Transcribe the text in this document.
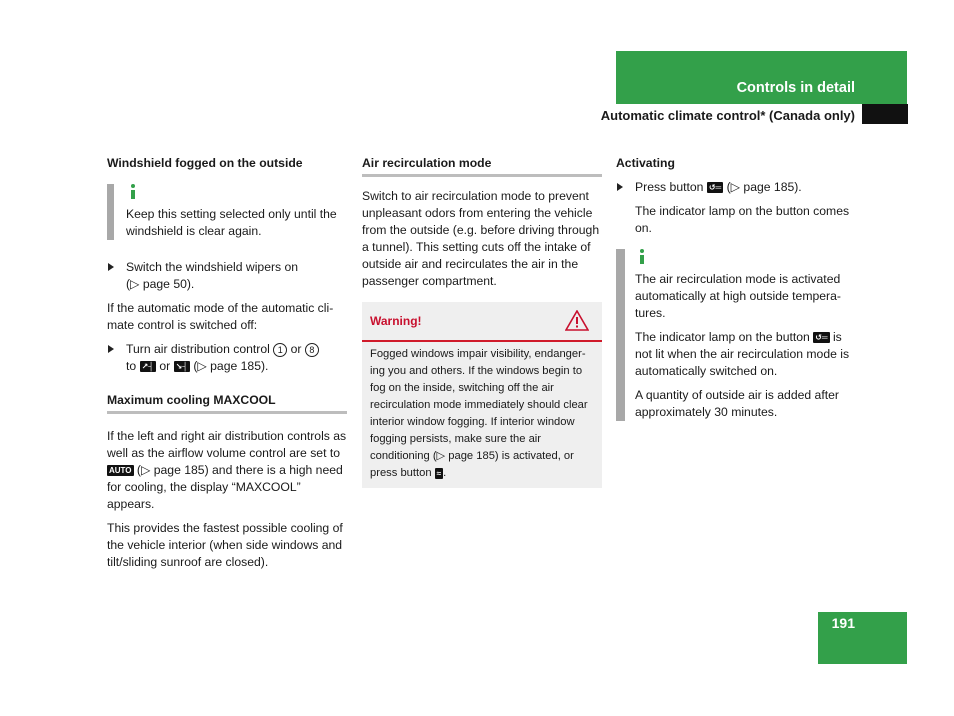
Controls in detail
Automatic climate control* (Canada only)
Windshield fogged on the outside

Keep this setting selected only until the windshield is clear again.

Switch the windshield wipers on
(▷ page 50).

If the automatic mode of the automatic cli-mate control is switched off:

Turn air distribution control 1 or 8
to ↗┤ or ↘┤ (▷ page 185).
Maximum cooling MAXCOOL

If the left and right air distribution controls as well as the airflow volume control are set to AUTO (▷ page 185) and there is a high need for cooling, the display “MAXCOOL” appears.

This provides the fastest possible cooling of the vehicle interior (when side windows and tilt/sliding sunroof are closed).

Air recirculation mode

Switch to air recirculation mode to prevent unpleasant odors from entering the vehicle from the outside (e.g. before driving through a tunnel). This setting cuts off the intake of outside air and recirculates the air in the passenger compartment.

Warning!
Fogged windows impair visibility, endanger-ing you and others. If the windows begin to fog on the inside, switching off the air recirculation mode immediately should clear interior window fogging. If interior window fogging persists, make sure the air conditioning (▷ page 185) is activated, or press button ≈ .
Activating
Press button ↺═ (▷ page 185).

The indicator lamp on the button comes on.

The air recirculation mode is activated automatically at high outside tempera-tures.

The indicator lamp on the button ↺═ is not lit when the air recirculation mode is automatically switched on.

A quantity of outside air is added after approximately 30 minutes.

191
